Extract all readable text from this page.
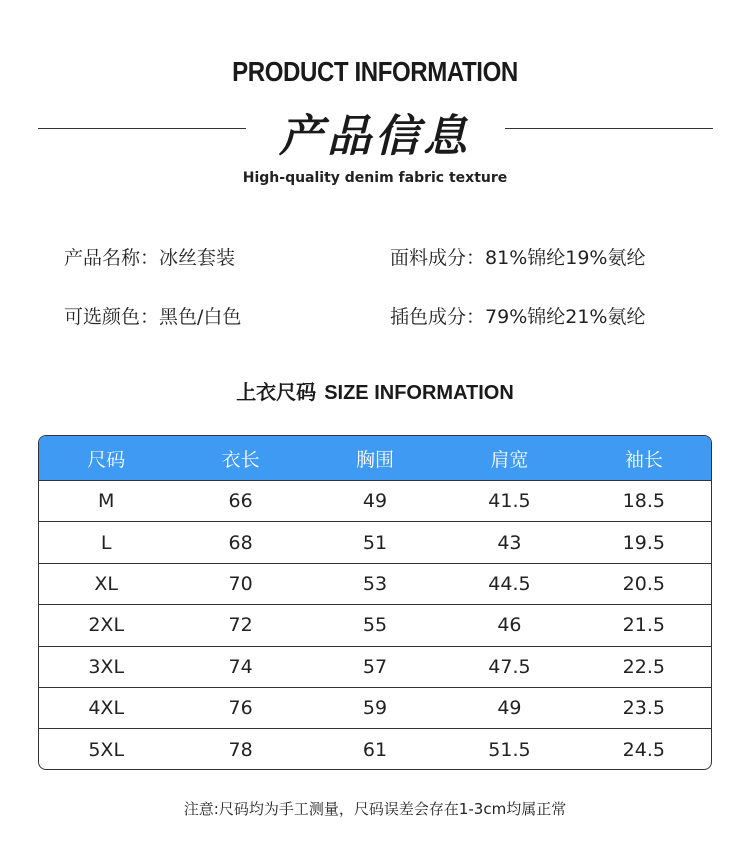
PRODUCT INFORMATION
产品信息
High-quality denim fabric texture
产品名称：冰丝套装	面料成分：81%锦纶19%氨纶
可选颜色：黑色/白色	插色成分：79%锦纶21%氨纶
上衣尺码 SIZE INFORMATION
尺码	衣长	胸围	肩宽	袖长
M	66	49	41.5	18.5
L	68	51	43	19.5
XL	70	53	44.5	20.5
2XL	72	55	46	21.5
3XL	74	57	47.5	22.5
4XL	76	59	49	23.5
5XL	78	61	51.5	24.5
注意:尺码均为手工测量，尺码误差会存在1-3cm均属正常
